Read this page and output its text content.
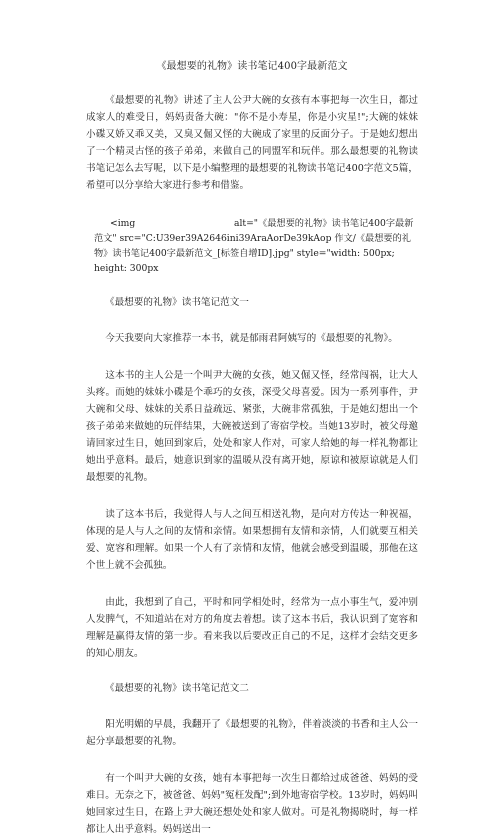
《最想要的礼物》读书笔记400字最新范文

《最想要的礼物》讲述了主人公尹大碗的女孩有本事把每一次生日，都过成家人的难受日，妈妈责备大碗："你不是小寿星，你是小灾星!";大碗的妹妹小碟又娇又乖又美，又臭又倔又怪的大碗成了家里的反面分子。于是她幻想出了一个精灵古怪的孩子弟弟，来做自己的同盟军和玩伴。那么最想要的礼物读书笔记怎么去写呢，以下是小编整理的最想要的礼物读书笔记400字范文5篇，希望可以分享给大家进行参考和借鉴。

<img	alt="《最想要的礼物》读书笔记400字最新范文" src="C:U39er39A2646ini39AraAorDe39kAop 作文/《最想要的礼物》读书笔记400字最新范文_[标签自增ID].jpg" style="width: 500px; height: 300px
《最想要的礼物》读书笔记范文一

今天我要向大家推荐一本书，就是郁雨君阿姨写的《最想要的礼物》。

这本书的主人公是一个叫尹大碗的女孩，她又倔又怪，经常闯祸，让大人头疼。而她的妹妹小碟是个乖巧的女孩，深受父母喜爱。因为一系列事件，尹大碗和父母、妹妹的关系日益疏远、紧张，大碗非常孤独，于是她幻想出一个孩子弟弟来做她的玩伴结果，大碗被送到了寄宿学校。当她13岁时，被父母邀请回家过生日，她回到家后，处处和家人作对，可家人给她的每一样礼物都让她出乎意料。最后，她意识到家的温暖从没有离开她，原谅和被原谅就是人们最想要的礼物。

读了这本书后，我觉得人与人之间互相送礼物，是向对方传达一种祝福，体现的是人与人之间的友情和亲情。如果想拥有友情和亲情，人们就要互相关爱、宽容和理解。如果一个人有了亲情和友情，他就会感受到温暖，那他在这个世上就不会孤独。

由此，我想到了自己，平时和同学相处时，经常为一点小事生气，爱冲别人发脾气，不知道站在对方的角度去着想。读了这本书后，我认识到了宽容和理解是赢得友情的第一步。看来我以后要改正自己的不足，这样才会结交更多的知心朋友。

《最想要的礼物》读书笔记范文二

阳光明媚的早晨，我翻开了《最想要的礼物》，伴着淡淡的书香和主人公一起分享最想要的礼物。

有一个叫尹大碗的女孩，她有本事把每一次生日都给过成爸爸、妈妈的受难日。无奈之下，被爸爸、妈妈"冤枉发配";到外地寄宿学校。13岁时，妈妈叫她回家过生日，在路上尹大碗还想处处和家人做对。可是礼物揭晓时，每一样都让人出乎意料。妈妈送出一
